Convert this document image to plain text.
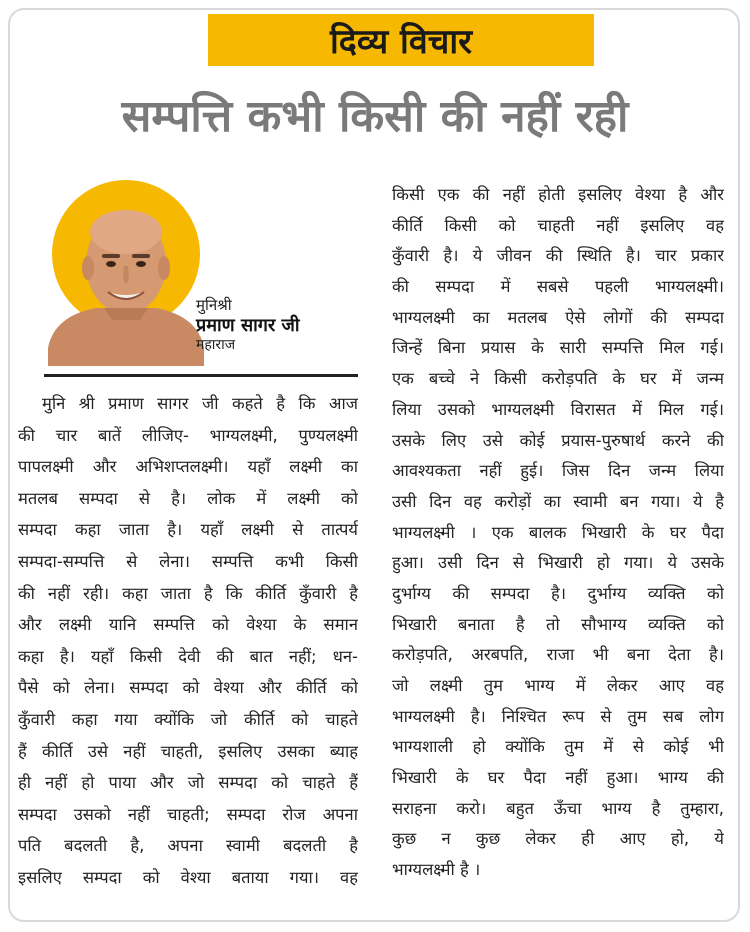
दिव्य विचार
सम्पत्ति कभी किसी की नहीं रही
मुनिश्री
प्रमाण सागर जी
महाराज
मुनि श्री प्रमाण सागर जी कहते है कि आज
की चार बातें लीजिए- भाग्यलक्ष्मी, पुण्यलक्ष्मी
पापलक्ष्मी और अभिशप्तलक्ष्मी। यहाँ लक्ष्मी का
मतलब सम्पदा से है। लोक में लक्ष्मी को
सम्पदा कहा जाता है। यहाँ लक्ष्मी से तात्पर्य
सम्पदा-सम्पत्ति से लेना। सम्पत्ति कभी किसी
की नहीं रही। कहा जाता है कि कीर्ति कुँवारी है
और लक्ष्मी यानि सम्पत्ति को वेश्या के समान
कहा है। यहाँ किसी देवी की बात नहीं; धन-
पैसे को लेना। सम्पदा को वेश्या और कीर्ति को
कुँवारी कहा गया क्योंकि जो कीर्ति को चाहते
हैं कीर्ति उसे नहीं चाहती, इसलिए उसका ब्याह
ही नहीं हो पाया और जो सम्पदा को चाहते हैं
सम्पदा उसको नहीं चाहती; सम्पदा रोज अपना
पति बदलती है, अपना स्वामी बदलती है
इसलिए सम्पदा को वेश्या बताया गया। वह
किसी एक की नहीं होती इसलिए वेश्या है और
कीर्ति किसी को चाहती नहीं इसलिए वह
कुँवारी है। ये जीवन की स्थिति है। चार प्रकार
की सम्पदा में सबसे पहली भाग्यलक्ष्मी।
भाग्यलक्ष्मी का मतलब ऐसे लोगों की सम्पदा
जिन्हें बिना प्रयास के सारी सम्पत्ति मिल गई।
एक बच्चे ने किसी करोड़पति के घर में जन्म
लिया उसको भाग्यलक्ष्मी विरासत में मिल गई।
उसके लिए उसे कोई प्रयास-पुरुषार्थ करने की
आवश्यकता नहीं हुई। जिस दिन जन्म लिया
उसी दिन वह करोड़ों का स्वामी बन गया। ये है
भाग्यलक्ष्मी । एक बालक भिखारी के घर पैदा
हुआ। उसी दिन से भिखारी हो गया। ये उसके
दुर्भाग्य की सम्पदा है। दुर्भाग्य व्यक्ति को
भिखारी बनाता है तो सौभाग्य व्यक्ति को
करोड़पति, अरबपति, राजा भी बना देता है।
जो लक्ष्मी तुम भाग्य में लेकर आए वह
भाग्यलक्ष्मी है। निश्चित रूप से तुम सब लोग
भाग्यशाली हो क्योंकि तुम में से कोई भी
भिखारी के घर पैदा नहीं हुआ। भाग्य की
सराहना करो। बहुत ऊँचा भाग्य है तुम्हारा,
कुछ न कुछ लेकर ही आए हो, ये
भाग्यलक्ष्मी है ।
